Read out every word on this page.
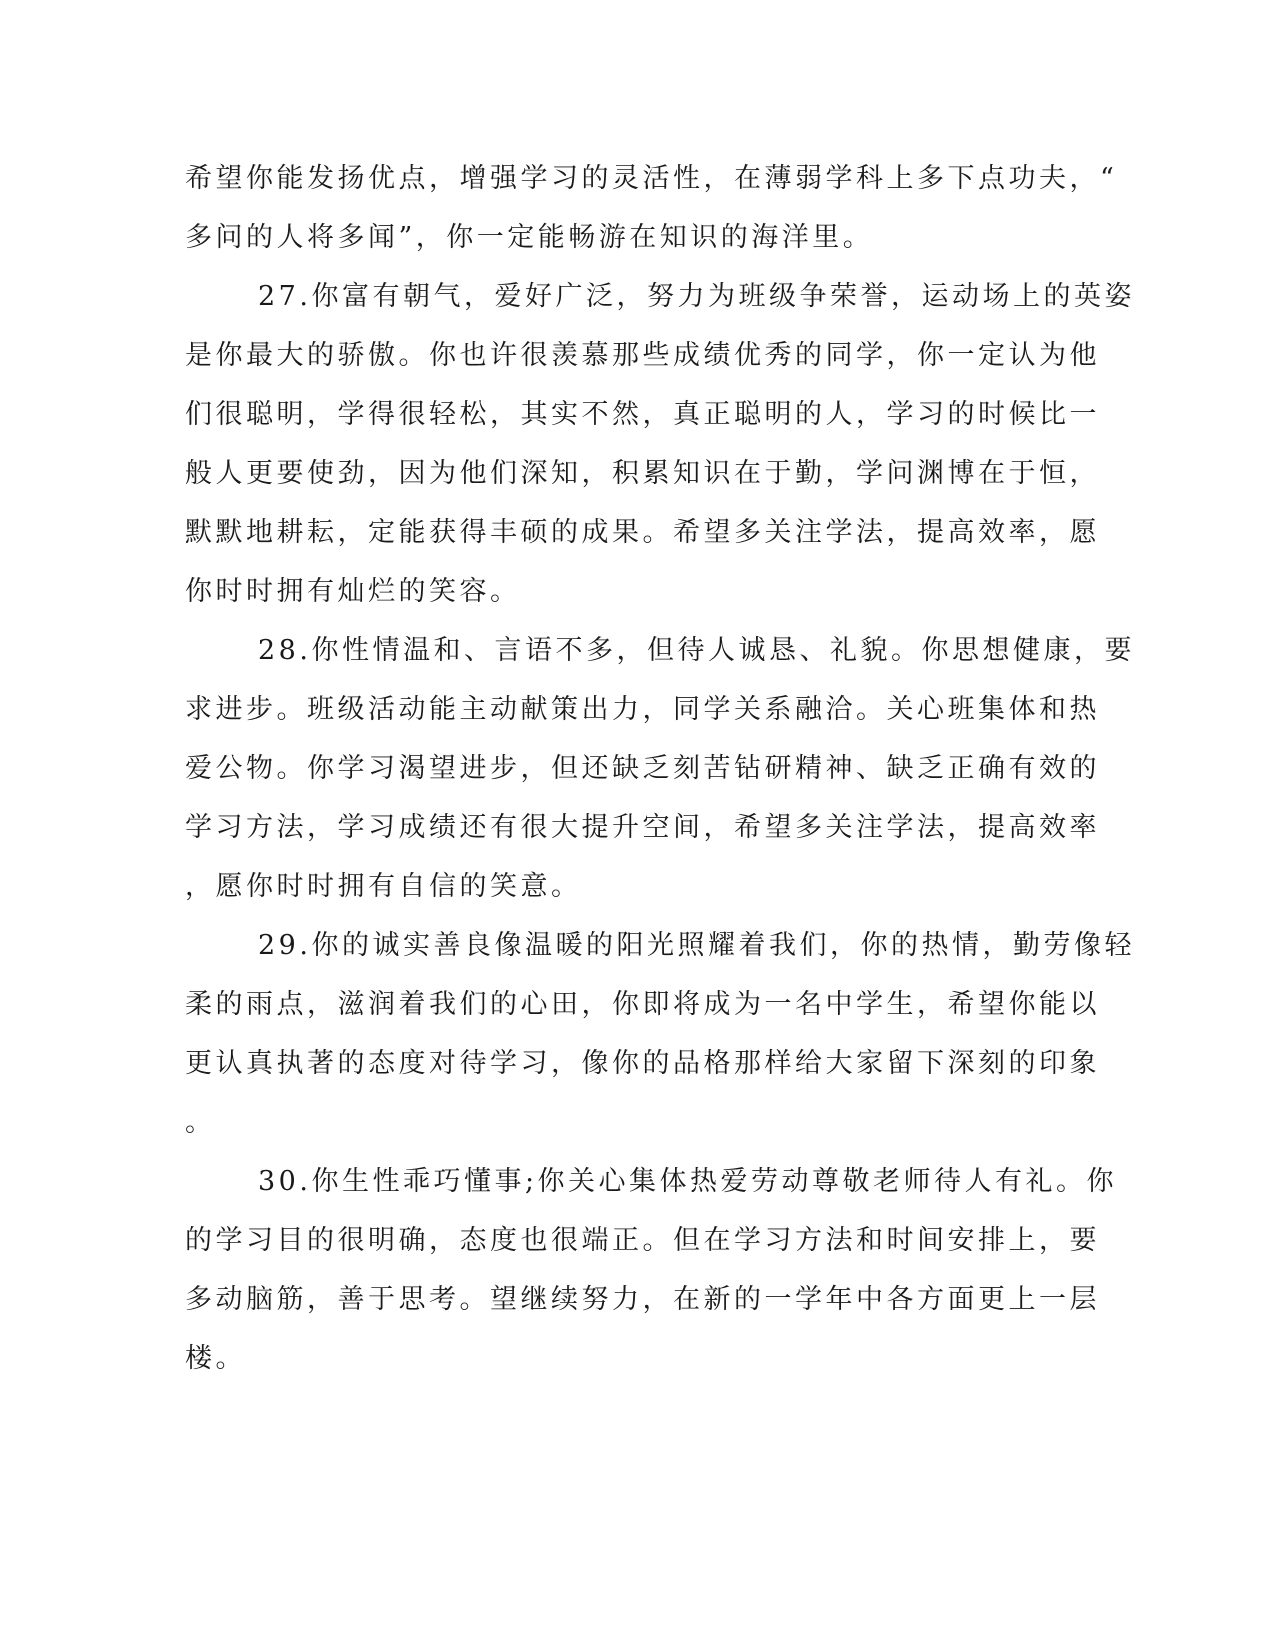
希望你能发扬优点，增强学习的灵活性，在薄弱学科上多下点功夫，“
多问的人将多闻”，你一定能畅游在知识的海洋里。
27.你富有朝气，爱好广泛，努力为班级争荣誉，运动场上的英姿
是你最大的骄傲。你也许很羡慕那些成绩优秀的同学，你一定认为他
们很聪明，学得很轻松，其实不然，真正聪明的人，学习的时候比一
般人更要使劲，因为他们深知，积累知识在于勤，学问渊博在于恒，
默默地耕耘，定能获得丰硕的成果。希望多关注学法，提高效率，愿
你时时拥有灿烂的笑容。
28.你性情温和、言语不多，但待人诚恳、礼貌。你思想健康，要
求进步。班级活动能主动献策出力，同学关系融洽。关心班集体和热
爱公物。你学习渴望进步，但还缺乏刻苦钻研精神、缺乏正确有效的
学习方法，学习成绩还有很大提升空间，希望多关注学法，提高效率
，愿你时时拥有自信的笑意。
29.你的诚实善良像温暖的阳光照耀着我们，你的热情，勤劳像轻
柔的雨点，滋润着我们的心田，你即将成为一名中学生，希望你能以
更认真执著的态度对待学习，像你的品格那样给大家留下深刻的印象
。
30.你生性乖巧懂事;你关心集体热爱劳动尊敬老师待人有礼。你
的学习目的很明确，态度也很端正。但在学习方法和时间安排上，要
多动脑筋，善于思考。望继续努力，在新的一学年中各方面更上一层
楼。
